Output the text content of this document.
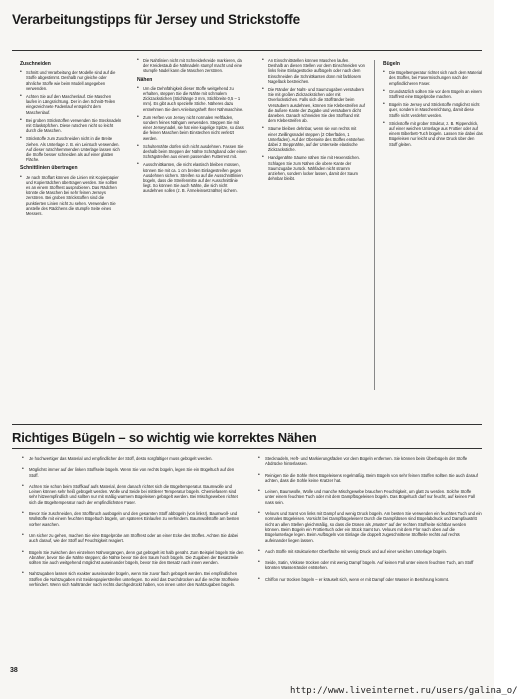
Verarbeitungstipps für Jersey und Strickstoffe
Zuschneiden
• Schnitt und Verarbeitung der Modelle sind auf die Stoffe abgestimmt. Deshalb nur gleiche oder ähnliche Stoffe wie beim Modell angegeben verwenden.
• Achten Sie auf den Maschenlauf. Die Maschen laufen in Längsrichtung. Der in den Schnitt-Teilen eingezeichnete Fadenlauf entspricht dem Maschenlauf.
• Bei groben Strickstoffen verwenden Sie Stecknadeln mit Glasköpfchen. Diese rutschen nicht so leicht durch die Maschen.
• Strickstoffe zum Zuschneiden nicht in die Breite ziehen. Als Unterlage z. B. ein Leintuch verwenden. Auf dieser rutschhemmenden Unterlage lassen sich die Stoffe besser schneiden als auf einer glatten Fläche.
Schnittlinien übertragen
• Je nach Stoffart können die Linien mit Kopierpapier und Kopierrädchen übertragen werden. Sie sollten es an einem Stoffrest ausprobieren. Das Rädchen könnte die Maschen bei sehr feinen Jerseys zerstören. Bei groben Strickstoffen sind die punktierten Linien nicht zu sehen. Verwenden Sie anstelle des Rädchens die stumpfe Seite eines Messers.
• Die Nahtlinien nicht mit Schneiderkreide markieren, da der Kreidestaub die Nähnadeln stumpf macht und eine stumpfe Nadel kann die Maschen zerstören.
Nähen
• Um die Dehnfähigkeit dieser Stoffe weitgehend zu erhalten, steppen Sie die Nähte mit schmalem Zickzackstichen (Stichlänge 3 mm, Stichbreite 0,5 – 1 mm). Es gibt auch spezielle Stiche. Näheres dazu entnehmen Sie dem Anleitungsheft Ihrer Nähmaschine.
• Zum Heften von Jersey nicht normalen Heftfaden, sondern feines Nähgarn verwenden. Steppen Sie mit einer Jerseynadel, sie hat eine kugelige Spitze, so dass die feinen Maschen beim Einstechen nicht verletzt werden.
• Schulternähte dürfen sich nicht ausdehnen. Fassen Sie deshalb beim Steppen der Nähte Schrägband oder einen Schrägstreifen aus einem passenden Futterrest mit.
• Ausschnittkanten, die nicht elastisch bleiben müssen, können Sie mit ca. 1 cm breiten Einlagestreifen gegen Ausdehnen sichern. Streifen so auf die Ausschnittlinien bügeln, dass die Streifenmitte auf der Ausschnittlinie liegt. So können Sie auch Nähte, die sich nicht ausdehnen sollen (z. B. Ärmeleinsetznähte) sichern.
• An Einschnittstellen können Maschen laufen. Deshalb an diesen Stellen vor dem Einschneiden von links feine Einlagestücke aufbügeln oder nach dem Einschneiden die Schnittkanten dünn mit farblosem Nagellack bestreichen.
• Die Ränder der Naht- und Saumzugaben versäubern Sie mit großen Zickzackstichen oder mit Overlockstichen. Falls sich die Stoffränder beim Versäubern ausdehnen, können Sie Klebestreifen auf die äußere Kante der Zugabe und versäubern dicht daneben. Danach schneiden Sie den Stoffrand mit dem Klebestreifen ab.
• Säume bleiben dehnbar, wenn sie von rechts mit einer Zwillingsnadel steppen (2 Oberfäden, 1 Unterfaden). Auf der Oberseite des Stoffes entstehen dabei 2 Steppnähte, auf der Unterseite elastische Zickzackstiche.
• Handgenähte Säume nähen Sie mit Hexenstichen. Schlagen Sie zum Nähen die obere Kante der Saumzugabe zurück. Nähfaden nicht stramm anziehen, sondern locker lassen, damit der Saum dehnbar bleibt.
Bügeln
• Die Bügeltemperatur richtet sich nach dem Material des Stoffes, bei Fasermischungen nach der empfindlicheren Faser.
• Grundsätzlich sollten Sie vor dem Bügeln an einem Stoffrest eine Bügelprobe machen.
• Bügeln Sie Jersey und Strickstoffe möglichst nicht quer, sondern in Maschenrichtung, damit diese Stoffe nicht verdehnt werden.
• Strickstoffe mit grober Struktur, z. B. Rippendrick, auf einer weichen Unterlage aus Frottier oder auf einem Biberbett-Tuch bügeln. Lassen Sie dabei das Bügeleisen nur leicht und ohne Druck über den Stoff gleiten.
Richtiges Bügeln – so wichtig wie korrektes Nähen
• Je hochwertiger das Material und empfindlicher der Stoff, desto sorgfältiger muss gebügelt werden.
• Möglichst immer auf der linken Stoffseite bügeln. Wenn Sie von rechts bügeln, legen Sie ein Bügeltuch auf den Stoff.
• Achten Sie schon beim Stoffkauf aufs Material, denn danach richtet sich die Bügeltemperatur. Baumwolle und Leinen können sehr heiß gebügelt werden. Wolle und Seide bei mittlerer Temperatur bügeln. Chemiefasern sind sehr hitzeempfindlich und sollten nur mit mäßig warmem Bügeleisen gebügelt werden. Bei Mischgeweben richtet sich die Bügeltemperatur nach der empfindlichsten Faser.
• Bevor Sie zuschneiden, den Stoffbruch ausbügeln und den gesamten Stoff abbügeln (von links!). Baumwoll- und Wollstoffe mit einem feuchten Bügeltuch bügeln, um späteres Einlaufen zu verhindern. Baumwollstoffe am besten vorher waschen.
• Um sicher zu gehen, machen Sie eine Bügelprobe am Stoffrest oder an einer Ecke des Stoffes. Achten Sie dabei auch darauf, wie der Stoff auf Feuchtigkeit reagiert.
• Bügeln Sie zwischen den einzelnen Nähvorgängen, denn gut gebügelt ist halb genäht. Zum Beispiel bügeln Sie den Abnäher, bevor Sie die Nähte steppen; die Nähte bevor Sie den Saum hoch bügeln. Die Zugaben der Besatzteile sollten Sie auch weitgehend möglichst auseinander bügeln, bevor Sie den Besatz nach innen wenden.
• Nahtzugaben lassen sich exakter auseinander bügeln, wenn Sie zuvor flach gebügelt werden. Bei empfindlichen Stoffen die Nahtzugaben mit Seidenpapierstreifen unterlegen. So wird das Durchdrücken auf die rechte Stoffseite verhindert. Wenn sich Nahtränder nach rechts durchgedrückt haben, von innen unter den Nahtzugaben bügeln.
• Stecknadeln, Heft- und Markierungsfäden vor dem Bügeln entfernen. Sie können beim Überbügeln der Stoffe Abdrücke hinterlassen.
• Reinigen Sie die Sohle Ihres Bügeleisens regelmäßig. Beim Bügeln von sehr feinen Stoffen sollten Sie auch darauf achten, dass die Sohle keine Kratzer hat.
• Leinen, Baumwolle, Wolle und manche Mischgewebe brauchen Feuchtigkeit, um glatt zu werden. Solche Stoffe unter einem feuchten Tuch oder mit dem Dampfbügeleisen bügeln. Das Bügeltuch darf nur feucht, auf keinen Fall nass sein.
• Velours und Samt von links mit Dampf und wenig Druck bügeln. Am besten Sie verwenden ein feuchtes Tuch und ein normales Bügeleisen. Vorsicht bei Dampfbügeleisen! Durch die Dampfdüsen sind Bügelabdruck und Dampfaustritt nicht an allen Stellen gleichmäßig, so dass die Düsen als „Muster“ auf der rechten Stoffseite sichtbar werden können. Beim Bügeln ein Frottiertuch oder ein Stück Samt tun. Velours mit dem Flor nach oben auf die Bügelunterlage legen. Beim Aufbügeln von Einlage die doppelt zugeschnittene Stoffteile rechts auf rechts aufeinander liegen lassen.
• Auch Stoffe mit strukturierter Oberfläche mit wenig Druck und auf einer weichen Unterlage bügeln.
• Seide, Satin, Viskose trocken oder mit wenig Dampf bügeln. Auf keinen Fall unter einem feuchten Tuch, am Stoff könnten Wasserränder entstehen.
• Chiffon nur trocken bügeln – er kräuselt sich, wenn er mit Dampf oder Wasser in Berührung kommt.
38
http://www.liveinternet.ru/users/galina_o/
